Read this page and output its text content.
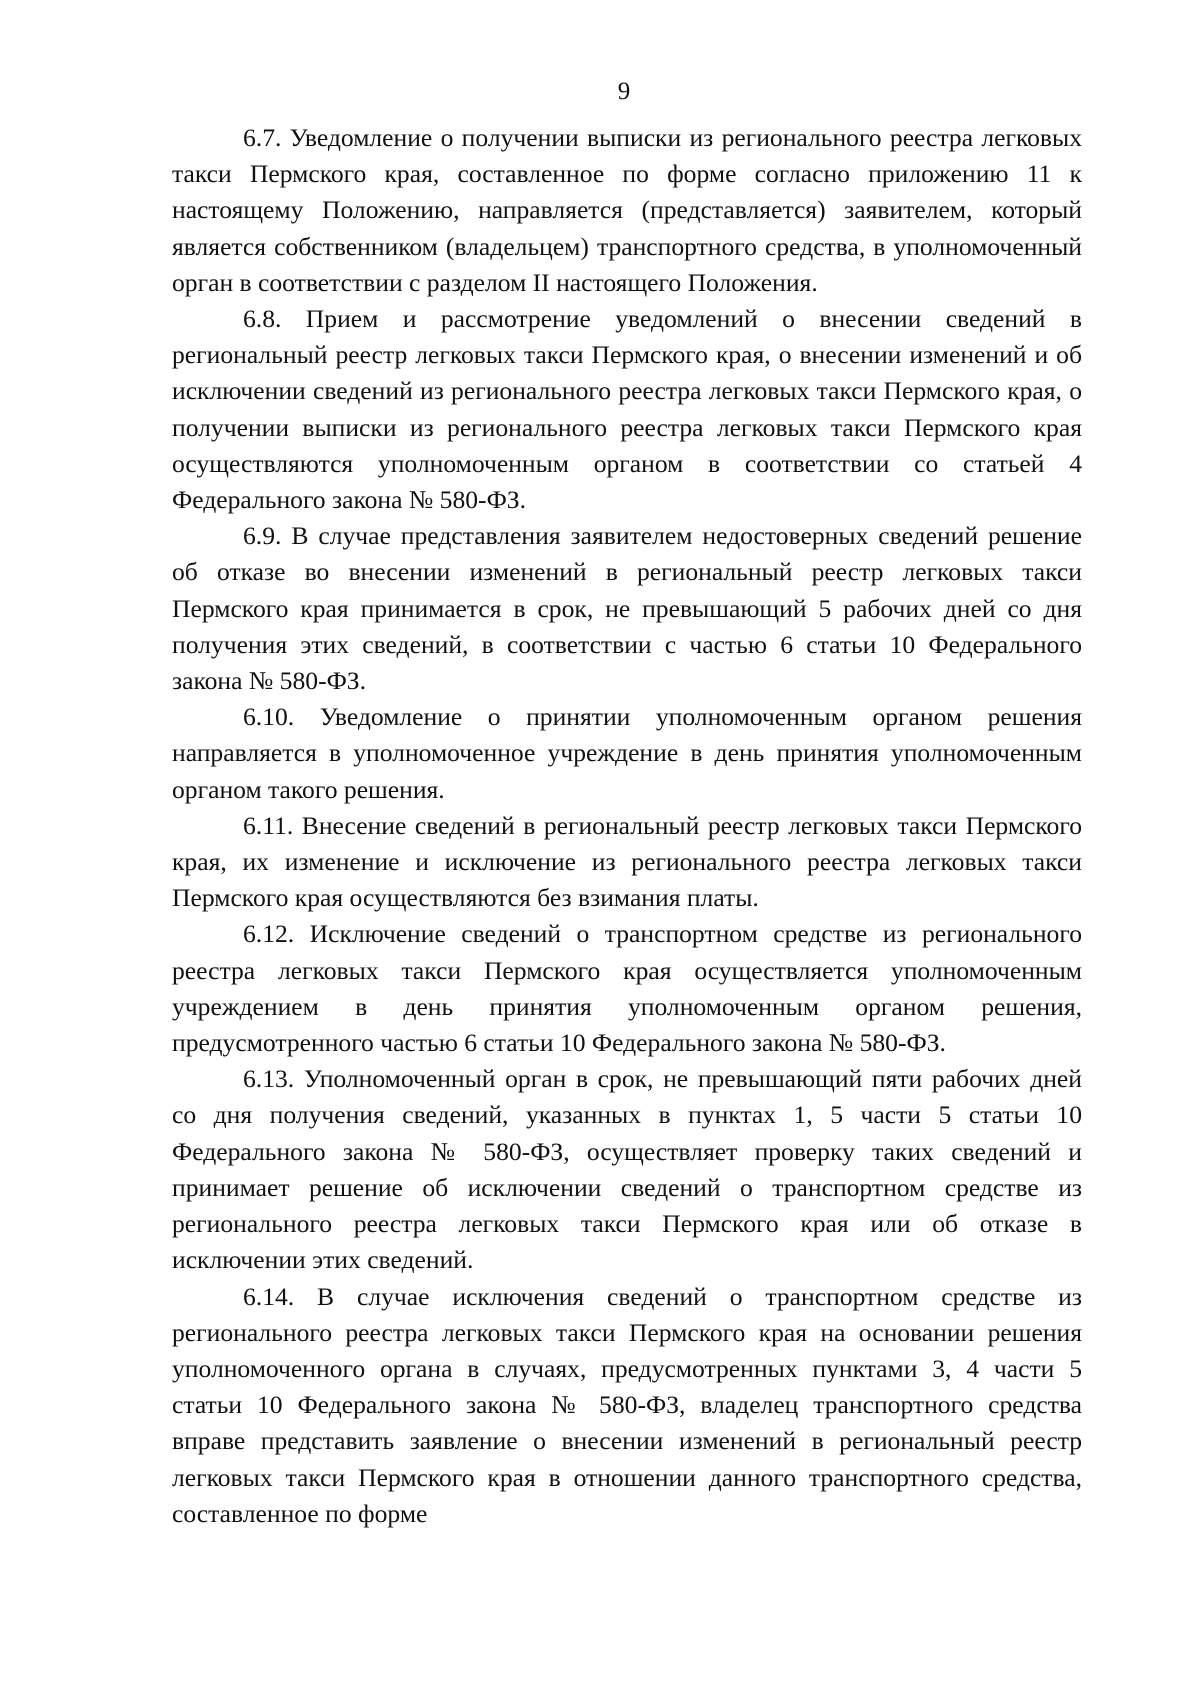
9

6.7. Уведомление о получении выписки из регионального реестра легковых такси Пермского края, составленное по форме согласно приложению 11 к настоящему Положению, направляется (представляется) заявителем, который является собственником (владельцем) транспортного средства, в уполномоченный орган в соответствии с разделом II настоящего Положения.

6.8. Прием и рассмотрение уведомлений о внесении сведений в региональный реестр легковых такси Пермского края, о внесении изменений и об исключении сведений из регионального реестра легковых такси Пермского края, о получении выписки из регионального реестра легковых такси Пермского края осуществляются уполномоченным органом в соответствии со статьей 4 Федерального закона № 580-ФЗ.

6.9. В случае представления заявителем недостоверных сведений решение об отказе во внесении изменений в региональный реестр легковых такси Пермского края принимается в срок, не превышающий 5 рабочих дней со дня получения этих сведений, в соответствии с частью 6 статьи 10 Федерального закона № 580-ФЗ.

6.10. Уведомление о принятии уполномоченным органом решения направляется в уполномоченное учреждение в день принятия уполномоченным органом такого решения.

6.11. Внесение сведений в региональный реестр легковых такси Пермского края, их изменение и исключение из регионального реестра легковых такси Пермского края осуществляются без взимания платы.

6.12. Исключение сведений о транспортном средстве из регионального реестра легковых такси Пермского края осуществляется уполномоченным учреждением в день принятия уполномоченным органом решения, предусмотренного частью 6 статьи 10 Федерального закона № 580-ФЗ.

6.13. Уполномоченный орган в срок, не превышающий пяти рабочих дней со дня получения сведений, указанных в пунктах 1, 5 части 5 статьи 10 Федерального закона № 580-ФЗ, осуществляет проверку таких сведений и принимает решение об исключении сведений о транспортном средстве из регионального реестра легковых такси Пермского края или об отказе в исключении этих сведений.

6.14. В случае исключения сведений о транспортном средстве из регионального реестра легковых такси Пермского края на основании решения уполномоченного органа в случаях, предусмотренных пунктами 3, 4 части 5 статьи 10 Федерального закона № 580-ФЗ, владелец транспортного средства вправе представить заявление о внесении изменений в региональный реестр легковых такси Пермского края в отношении данного транспортного средства, составленное по форме
